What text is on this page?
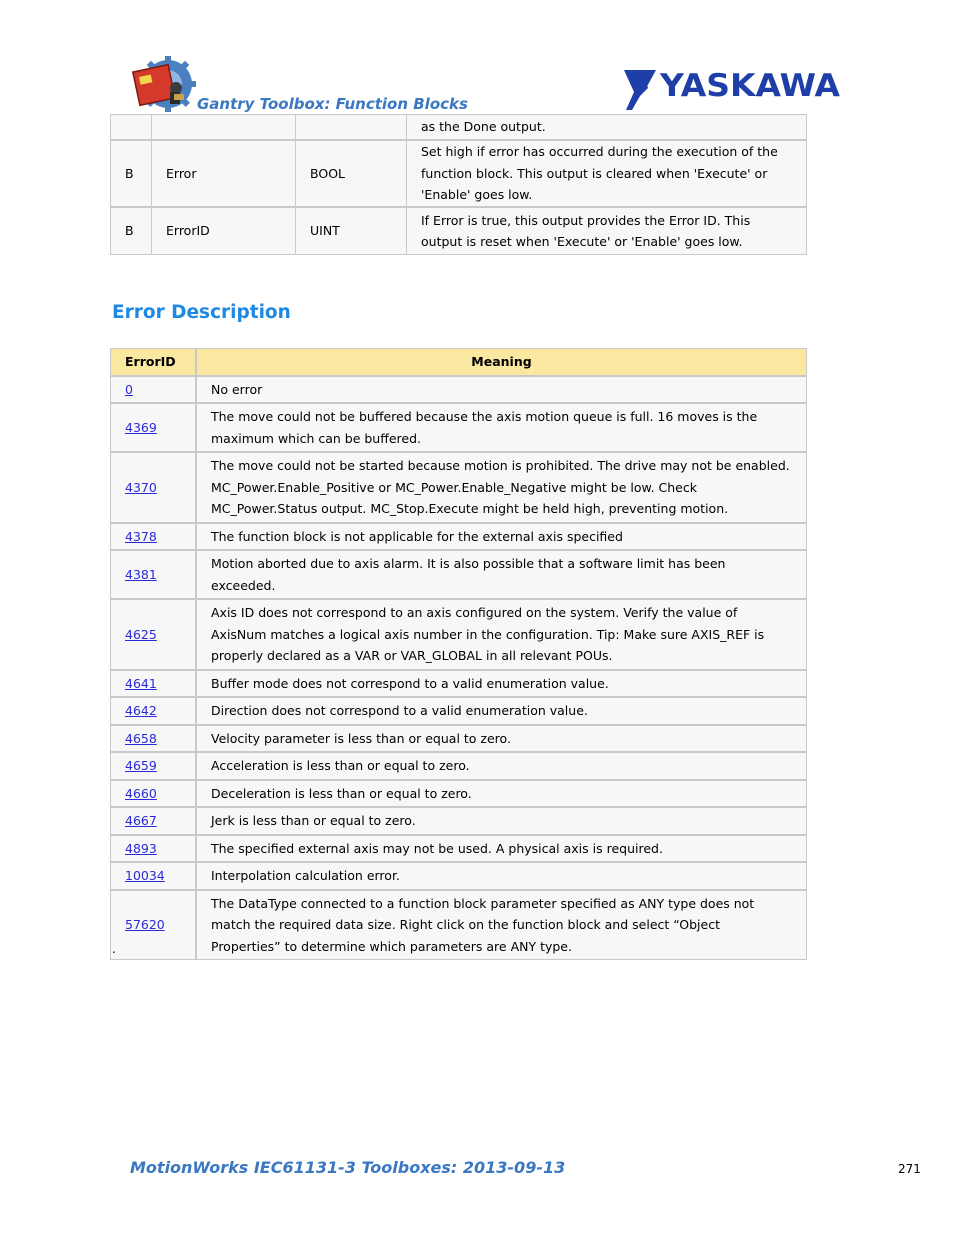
Gantry Toolbox: Function Blocks	YASKAWA
			as the Done output.
B	Error	BOOL	Set high if error has occurred during the execution of the function block. This output is cleared when 'Execute' or 'Enable' goes low.
B	ErrorID	UINT	If Error is true, this output provides the Error ID. This output is reset when 'Execute' or 'Enable' goes low.
Error Description
ErrorID	Meaning
0	No error
4369	The move could not be buffered because the axis motion queue is full. 16 moves is the maximum which can be buffered.
4370	The move could not be started because motion is prohibited. The drive may not be enabled. MC_Power.Enable_Positive or MC_Power.Enable_Negative might be low. Check MC_Power.Status output. MC_Stop.Execute might be held high, preventing motion.
4378	The function block is not applicable for the external axis specified
4381	Motion aborted due to axis alarm. It is also possible that a software limit has been exceeded.
4625	Axis ID does not correspond to an axis configured on the system. Verify the value of AxisNum matches a logical axis number in the configuration. Tip: Make sure AXIS_REF is properly declared as a VAR or VAR_GLOBAL in all relevant POUs.
4641	Buffer mode does not correspond to a valid enumeration value.
4642	Direction does not correspond to a valid enumeration value.
4658	Velocity parameter is less than or equal to zero.
4659	Acceleration is less than or equal to zero.
4660	Deceleration is less than or equal to zero.
4667	Jerk is less than or equal to zero.
4893	The specified external axis may not be used. A physical axis is required.
10034	Interpolation calculation error.
57620	The DataType connected to a function block parameter specified as ANY type does not match the required data size. Right click on the function block and select “Object Properties” to determine which parameters are ANY type.
.
MotionWorks IEC61131-3 Toolboxes: 2013-09-13	271
